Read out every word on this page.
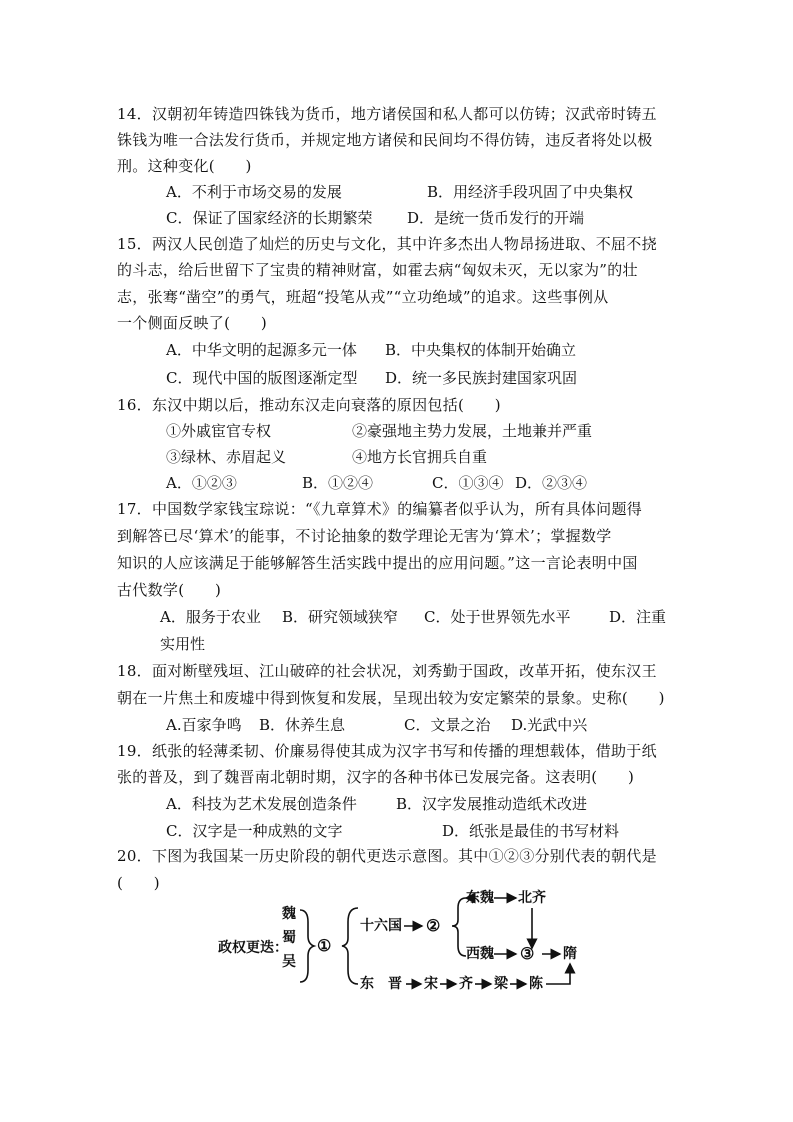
14．汉朝初年铸造四铢钱为货币，地方诸侯国和私人都可以仿铸；汉武帝时铸五
铢钱为唯一合法发行货币，并规定地方诸侯和民间均不得仿铸，违反者将处以极
刑。这种变化(　　)
A．不利于市场交易的发展	B．用经济手段巩固了中央集权
C．保证了国家经济的长期繁荣 D．是统一货币发行的开端
15．两汉人民创造了灿烂的历史与文化，其中许多杰出人物昂扬进取、不屈不挠
的斗志，给后世留下了宝贵的精神财富，如霍去病“匈奴未灭，无以家为”的壮
志，张骞“凿空”的勇气，班超“投笔从戎”“立功绝域”的追求。这些事例从
一个侧面反映了(　　)
A．中华文明的起源多元一体 B．中央集权的体制开始确立
C．现代中国的版图逐渐定型 D．统一多民族封建国家巩固
16．东汉中期以后，推动东汉走向衰落的原因包括(　　)
①外戚宦官专权	②豪强地主势力发展，土地兼并严重
③绿林、赤眉起义	④地方长官拥兵自重
A．①②③	B．①②④	C．①③④ D．②③④
17．中国数学家钱宝琮说：“《九章算术》的编纂者似乎认为，所有具体问题得
到解答已尽‘算术’的能事，不讨论抽象的数学理论无害为‘算术’；掌握数学
知识的人应该满足于能够解答生活实践中提出的应用问题。”这一言论表明中国
古代数学(　　)
A．服务于农业 B．研究领域狭窄 C．处于世界领先水平	D．注重
实用性
18．面对断壁残垣、江山破碎的社会状况，刘秀勤于国政，改革开拓，使东汉王
朝在一片焦土和废墟中得到恢复和发展，呈现出较为安定繁荣的景象。史称(　　)
A.百家争鸣 B．休养生息	C．文景之治 D.光武中兴
19．纸张的轻薄柔韧、价廉易得使其成为汉字书写和传播的理想载体，借助于纸
张的普及，到了魏晋南北朝时期，汉字的各种书体已发展完备。这表明(　　)
A．科技为艺术发展创造条件	B．汉字发展推动造纸术改进
C．汉字是一种成熟的文字	D．纸张是最佳的书写材料
20．下图为我国某一历史阶段的朝代更迭示意图。其中①②③分别代表的朝代是
(　　)
政权更迭：
魏
蜀
吴
①
十六国 ②
东魏 北齐
西魏 ③ 隋
东　晋 宋 齐 梁 陈
